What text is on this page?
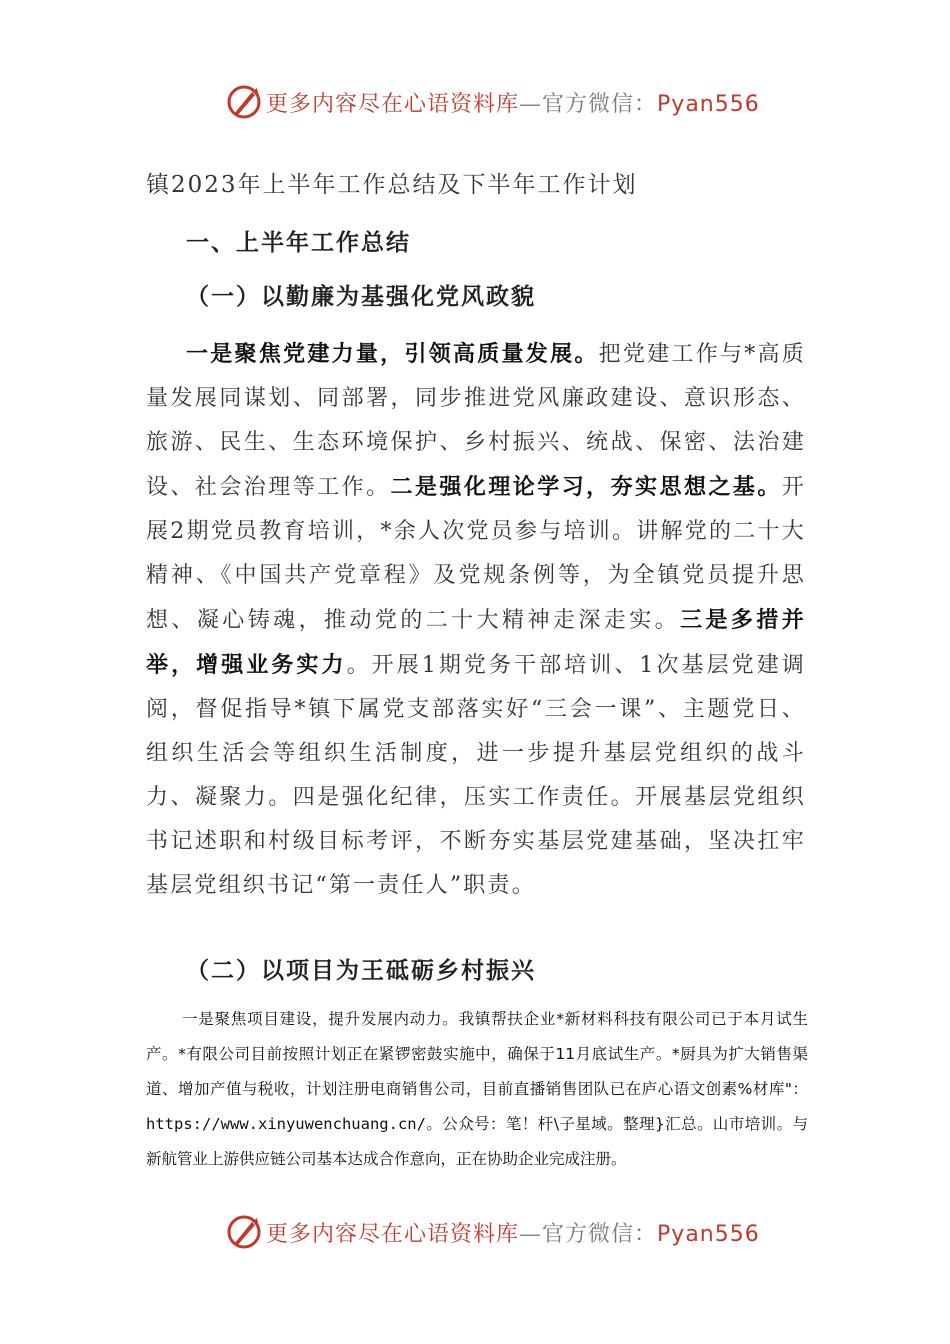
更多内容尽在心语资料库—官方微信：Pyan556
镇2023年上半年工作总结及下半年工作计划
一、上半年工作总结
（一）以勤廉为基强化党风政貌

一是聚焦党建力量，引领高质量发展。把党建工作与*高质量发展同谋划、同部署，同步推进党风廉政建设、意识形态、旅游、民生、生态环境保护、乡村振兴、统战、保密、法治建设、社会治理等工作。二是强化理论学习，夯实思想之基。开展2期党员教育培训，*余人次党员参与培训。讲解党的二十大精神、《中国共产党章程》及党规条例等，为全镇党员提升思想、凝心铸魂，推动党的二十大精神走深走实。三是多措并举，增强业务实力。开展1期党务干部培训、1次基层党建调阅，督促指导*镇下属党支部落实好“三会一课”、主题党日、组织生活会等组织生活制度，进一步提升基层党组织的战斗力、凝聚力。四是强化纪律，压实工作责任。开展基层党组织书记述职和村级目标考评，不断夯实基层党建基础，坚决扛牢基层党组织书记“第一责任人”职责。

（二）以项目为王砥砺乡村振兴

一是聚焦项目建设，提升发展内动力。我镇帮扶企业*新材料科技有限公司已于本月试生产。*有限公司目前按照计划正在紧锣密鼓实施中，确保于11月底试生产。*厨具为扩大销售渠道、增加产值与税收，计划注册电商销售公司，目前直播销售团队已在庐心语文创素%材库"：https://www.xinyuwenchuang.cn/。公众号：笔！杆\子星域。整理}汇总。山市培训。与新航管业上游供应链公司基本达成合作意向，正在协助企业完成注册。

更多内容尽在心语资料库—官方微信：Pyan556
